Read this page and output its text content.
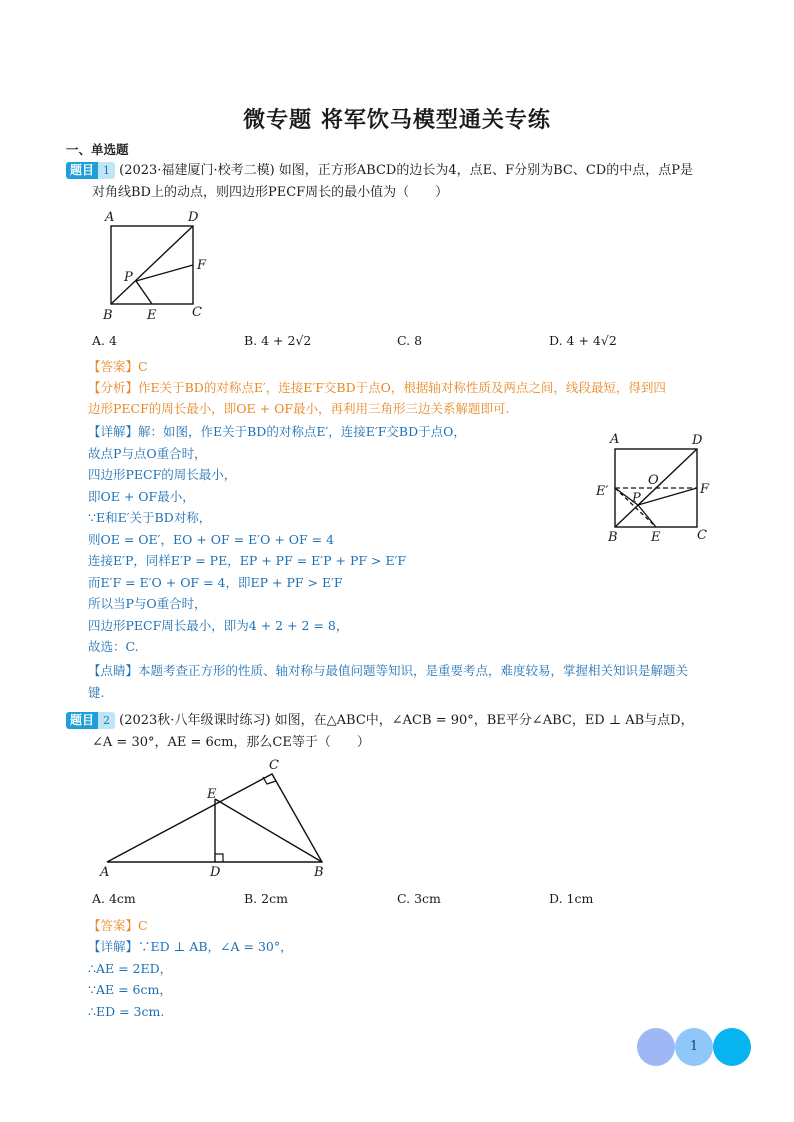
微专题 将军饮马模型通关专练
一、单选题
题目 1 (2023·福建厦门·校考二模) 如图，正方形ABCD的边长为4，点E、F分别为BC、CD的中点，点P是
对角线BD上的动点，则四边形PECF周长的最小值为（　　）
A	D
P
F
B	E	C
A. 4	B. 4 + 2√2	C. 8	D. 4 + 4√2
【答案】C
【分析】作E关于BD的对称点E′，连接E′F交BD于点O，根据轴对称性质及两点之间，线段最短，得到四
边形PECF的周长最小，即OE + OF最小，再利用三角形三边关系解题即可.
【详解】解：如图，作E关于BD的对称点E′，连接E′F交BD于点O，
故点P与点O重合时，
四边形PECF的周长最小，
即OE + OF最小，
∵E和E′关于BD对称，
则OE = OE′，EO + OF = E′O + OF = 4
连接E′P，同样E′P = PE，EP + PF = E′P + PF > E′F
而E′F = E′O + OF = 4，即EP + PF > E′F
所以当P与O重合时，
四边形PECF周长最小，即为4 + 2 + 2 = 8，
故选：C.
A	D
O
E′	F
P
B	E	C
【点睛】本题考查正方形的性质、轴对称与最值问题等知识，是重要考点，难度较易，掌握相关知识是解题关
键.
题目 2 (2023秋·八年级课时练习) 如图，在△ABC中，∠ACB = 90°，BE平分∠ABC，ED ⊥ AB与点D，
∠A = 30°，AE = 6cm，那么CE等于（　　）
C
E
A	D	B
A. 4cm	B. 2cm	C. 3cm	D. 1cm
【答案】C
【详解】∵ED ⊥ AB，∠A = 30°，
∴AE = 2ED，
∵AE = 6cm，
∴ED = 3cm.
1
